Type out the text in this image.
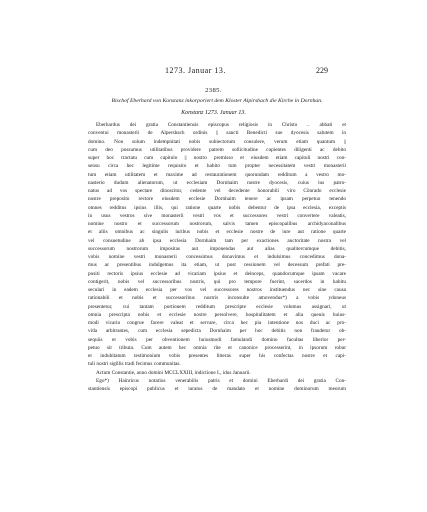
1273. Januar 13.	229
2385.
Bischof Eberhard von Konstanz inkorporiert dem Kloster Alpirsbach die Kirche in Dornhan.
Konstanz 1273. Januar 13.
Eberhardus dei gratia Constantiensis episcopus religiosis in Christo .. abbati et
conventui monasterii de Alpersbach ordinis || sancti Benedicti sue dyocesis salutem in
domino. Non solum indempnitati nobis subiectorum consulere, verum etiam quantum ||
cum deo possumus utilitatibus providere patrem sollicitudine cupientes diligenti ac debito
super hoc tractatu cum capitulo || nostro premisso et eiusdem etiam capituli nostri con-
sensu circa hec legitime requisito et habito tum propter necessitatem vestri monasterii
tum etiam utilitatem et maxime ad restaurationem quorundam redditum a vestro mo-
nasterio dudum alienatorum, ut ecclesiam Dornhaim nostre dyocesis, cuius ius patro-
natus ad vos spectare dinoscitur, cedente vel decedente honorabili viro Cönrado ecclesie
nostre preposito rectore eiusdem ecclesie Dornhaim tenere ac ipsam perpetuo tenendo
omnes redditus ipsius illis, qui ratione quarte nobis debentur de ipsa ecclesia, exceptis
in usus vestros sive monasterii vestri vos et successores vestri convertere valeatis,
nomine nostro et successorum nostrorum, salvis tamen episcopalibus archidyaconalibus
et aliis omnibus ac singulis iuribus nobis et ecclesie nostre de iure aut ratione quarte
vel consuetudine ab ipsa ecclesia Dornhaim tam per exactiones auctoritate nostra vel
successorum nostrorum impositas aut imponendas aut alias qualitercumque debitis,
vobis nomine vestri monasterii concessimus donavimus et indulsimus concedimus dona-
mus ac presentibus indulgemus ita etiam, ut post cessionem vel decessum prefati pre-
positi rectoris ipsius ecclesie ad vicariam ipsius et deinceps, quandocumque ipsam vacare
contigerit, nobis vel successoribus nostris, qui pro tempore fuerint, sacerdos in habitu
seculari in eadem ecclesia per vos vel successores nostros instituendus nec sine causa
rationabili et nobis et successoribus nostris inconsulte amovendus*) a vobis ydoneus
presentetur, cui tantam portionem redditum prescripte ecclesie volumus assignari, ut
omnia prescripta nobis et ecclesie nostre persolvere, hospitalitatem et alia queuis huius-
modi vicario congrue facere valeat et servare, circa hec pia intentione nos duci ac pro-
vida arbitrantes, cum ecclesia sepedicta Dornhaim per hoc debitis non fraudetur ob-
sequiis et vobis per obventionem huiusmodi famulandi domino facultas liberior per-
petuo sit tributa. Cum autem hec omnia rite et canonice processerint, in ipsorum robur
et indubitatum testimonium vobis presentes litteras super his confectas nostre et capi-
tuli nostri sigillis tradi fecimus communitas.
Actum Constantie, anno domini MCCLXXIII, indictione I., idus Januarii.
Ego*) Hainricus notarius venerabilis patris et domini Eberhardi dei gratia Con-
stantiensis episcopi publicus et iuratus de mandato et nomine dominorum meorum
